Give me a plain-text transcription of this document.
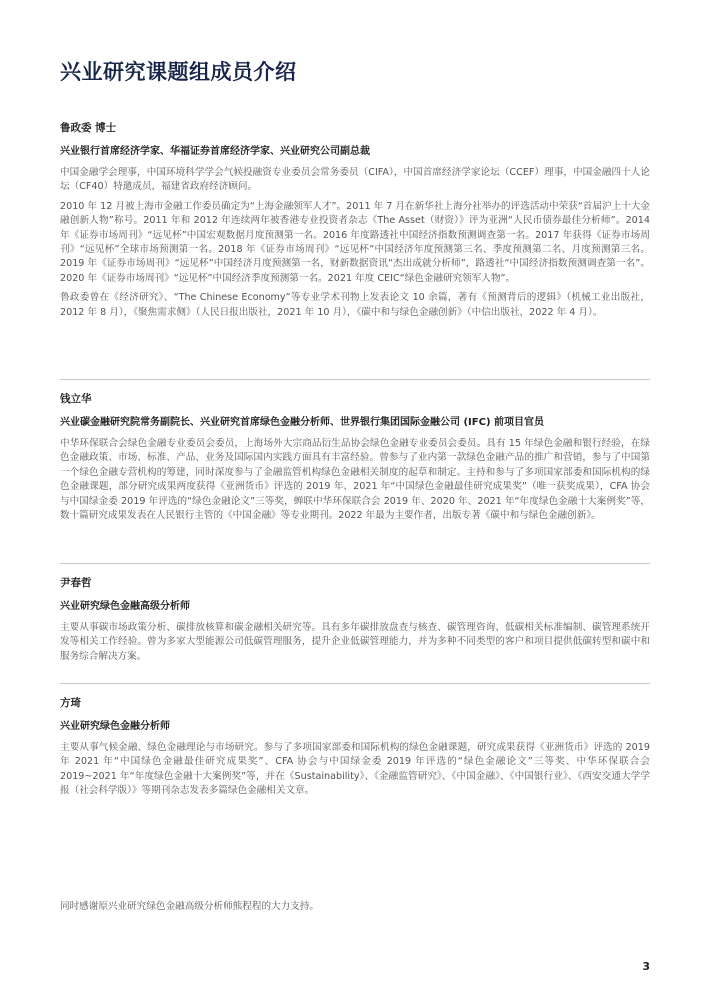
兴业研究课题组成员介绍

鲁政委 博士

兴业银行首席经济学家、华福证券首席经济学家、兴业研究公司副总裁

中国金融学会理事，中国环境科学学会气候投融资专业委员会常务委员（CIFA），中国首席经济学家论坛（CCEF）理事，中国金融四十人论坛（CF40）特邀成员，福建省政府经济顾问。

2010 年 12 月被上海市金融工作委员确定为“上海金融领军人才”。2011 年 7 月在新华社上海分社举办的评选活动中荣获“首届沪上十大金融创新人物”称号。2011 年和 2012 年连续两年被香港专业投资者杂志《The Asset（财资）》评为亚洲“人民币债券最佳分析师”。2014 年《证券市场周刊》“远见杯”中国宏观数据月度预测第一名。2016 年度路透社中国经济指数预测调查第一名。2017 年获得《证券市场周刊》“远见杯”全球市场预测第一名。2018 年《证券市场周刊》“远见杯”中国经济年度预测第三名、季度预测第二名、月度预测第三名。2019 年《证券市场周刊》“远见杯”中国经济月度预测第一名，财新数据资讯“杰出成就分析师”，路透社“中国经济指数预测调查第一名”。2020 年《证券市场周刊》“远见杯”中国经济季度预测第一名。2021 年度 CEIC“绿色金融研究领军人物”。

鲁政委曾在《经济研究》、“The Chinese Economy”等专业学术刊物上发表论文 10 余篇，著有《预测背后的逻辑》（机械工业出版社，2012 年 8 月），《聚焦需求侧》（人民日报出版社，2021 年 10 月），《碳中和与绿色金融创新》（中信出版社，2022 年 4 月）。

钱立华

兴业碳金融研究院常务副院长、兴业研究首席绿色金融分析师、世界银行集团国际金融公司 (IFC) 前项目官员

中华环保联合会绿色金融专业委员会委员，上海场外大宗商品衍生品协会绿色金融专业委员会委员。具有 15 年绿色金融和银行经验，在绿色金融政策、市场、标准、产品、业务及国际国内实践方面具有丰富经验。曾参与了业内第一款绿色金融产品的推广和营销，参与了中国第一个绿色金融专营机构的筹建，同时深度参与了金融监管机构绿色金融相关制度的起草和制定。主持和参与了多项国家部委和国际机构的绿色金融课题，部分研究成果两度获得《亚洲货币》评选的 2019 年、2021 年“中国绿色金融最佳研究成果奖”（唯一获奖成果），CFA 协会与中国绿金委 2019 年评选的“绿色金融论文”三等奖，蝉联中华环保联合会 2019 年、2020 年、2021 年“年度绿色金融十大案例奖”等，数十篇研究成果发表在人民银行主管的《中国金融》等专业期刊。2022 年最为主要作者，出版专著《碳中和与绿色金融创新》。

尹春哲

兴业研究绿色金融高级分析师

主要从事碳市场政策分析、碳排放核算和碳金融相关研究等。具有多年碳排放盘查与核查、碳管理咨询、低碳相关标准编制、碳管理系统开发等相关工作经验。曾为多家大型能源公司低碳管理服务，提升企业低碳管理能力，并为多种不同类型的客户和项目提供低碳转型和碳中和服务综合解决方案。

方琦

兴业研究绿色金融分析师

主要从事气候金融、绿色金融理论与市场研究。参与了多项国家部委和国际机构的绿色金融课题，研究成果获得《亚洲货币》评选的 2019 年 2021 年“中国绿色金融最佳研究成果奖”、CFA 协会与中国绿金委 2019 年评选的“绿色金融论文”三等奖、中华环保联合会 2019~2021 年“年度绿色金融十大案例奖”等，并在《Sustainability》、《金融监管研究》、《中国金融》、《中国银行业》、《西安交通大学学报（社会科学版）》等期刊杂志发表多篇绿色金融相关文章。

同时感谢原兴业研究绿色金融高级分析师熊程程的大力支持。

3
